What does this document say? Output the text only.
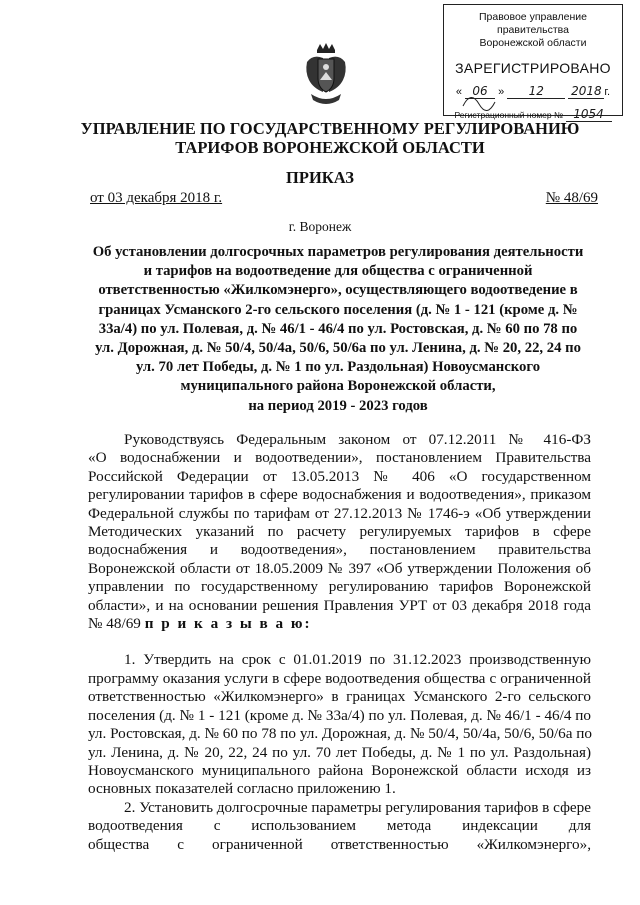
Правовое управление правительства
Воронежской области
ЗАРЕГИСТРИРОВАНО
« 06 » 12 2018 г.
Регистрационный номер № 1054
УПРАВЛЕНИЕ ПО ГОСУДАРСТВЕННОМУ РЕГУЛИРОВАНИЮ
ТАРИФОВ ВОРОНЕЖСКОЙ ОБЛАСТИ
ПРИКАЗ
от 03 декабря 2018 г.	№ 48/69
г. Воронеж
Об установлении долгосрочных параметров регулирования деятельности
и тарифов на водоотведение для общества с ограниченной
ответственностью «Жилкомэнерго», осуществляющего водоотведение в
границах Усманского 2-го сельского поселения (д. № 1 - 121 (кроме д. №
33а/4) по ул. Полевая, д. № 46/1 - 46/4 по ул. Ростовская, д. № 60 по 78 по
ул. Дорожная, д. № 50/4, 50/4а, 50/6, 50/6а по ул. Ленина, д. № 20, 22, 24 по
ул. 70 лет Победы, д. № 1 по ул. Раздольная) Новоусманского
муниципального района Воронежской области,
на период 2019 - 2023 годов
Руководствуясь Федеральным законом от 07.12.2011 № 416-ФЗ
«О водоснабжении и водоотведении», постановлением Правительства
Российской Федерации от 13.05.2013 № 406 «О государственном
регулировании тарифов в сфере водоснабжения и водоотведения», приказом
Федеральной службы по тарифам от 27.12.2013 № 1746-э «Об утверждении
Методических указаний по расчету регулируемых тарифов в сфере
водоснабжения и водоотведения», постановлением правительства
Воронежской области от 18.05.2009 № 397 «Об утверждении Положения об
управлении по государственному регулированию тарифов Воронежской
области», и на основании решения Правления УРТ от 03 декабря 2018 года
№ 48/69 п р и к а з ы в а ю:
1. Утвердить на срок с 01.01.2019 по 31.12.2023 производственную
программу оказания услуги в сфере водоотведения общества с ограниченной
ответственностью «Жилкомэнерго» в границах Усманского 2-го сельского
поселения (д. № 1 - 121 (кроме д. № 33а/4) по ул. Полевая, д. № 46/1 - 46/4 по
ул. Ростовская, д. № 60 по 78 по ул. Дорожная, д. № 50/4, 50/4а, 50/6, 50/6а по
ул. Ленина, д. № 20, 22, 24 по ул. 70 лет Победы, д. № 1 по ул. Раздольная)
Новоусманского муниципального района Воронежской области исходя из
основных показателей согласно приложению 1.
2. Установить долгосрочные параметры регулирования тарифов в сфере
водоотведения с использованием метода индексации для
общества с ограниченной ответственностью «Жилкомэнерго»,
